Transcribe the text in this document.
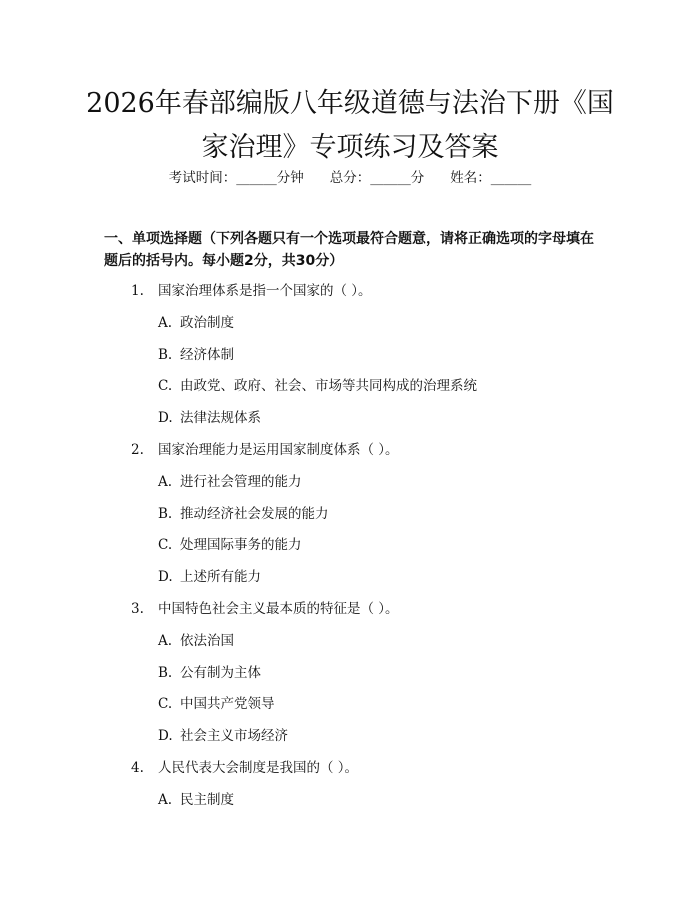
2026年春部编版八年级道德与法治下册《国
家治理》专项练习及答案
考试时间：______分钟 总分：______分 姓名：______
一、单项选择题（下列各题只有一个选项最符合题意，请将正确选项的字母填在
题后的括号内。每小题2分，共30分）
1. 国家治理体系是指一个国家的（ ）。
A. 政治制度
B. 经济体制
C. 由政党、政府、社会、市场等共同构成的治理系统
D. 法律法规体系
2. 国家治理能力是运用国家制度体系（ ）。
A. 进行社会管理的能力
B. 推动经济社会发展的能力
C. 处理国际事务的能力
D. 上述所有能力
3. 中国特色社会主义最本质的特征是（ ）。
A. 依法治国
B. 公有制为主体
C. 中国共产党领导
D. 社会主义市场经济
4. 人民代表大会制度是我国的（ ）。
A. 民主制度
